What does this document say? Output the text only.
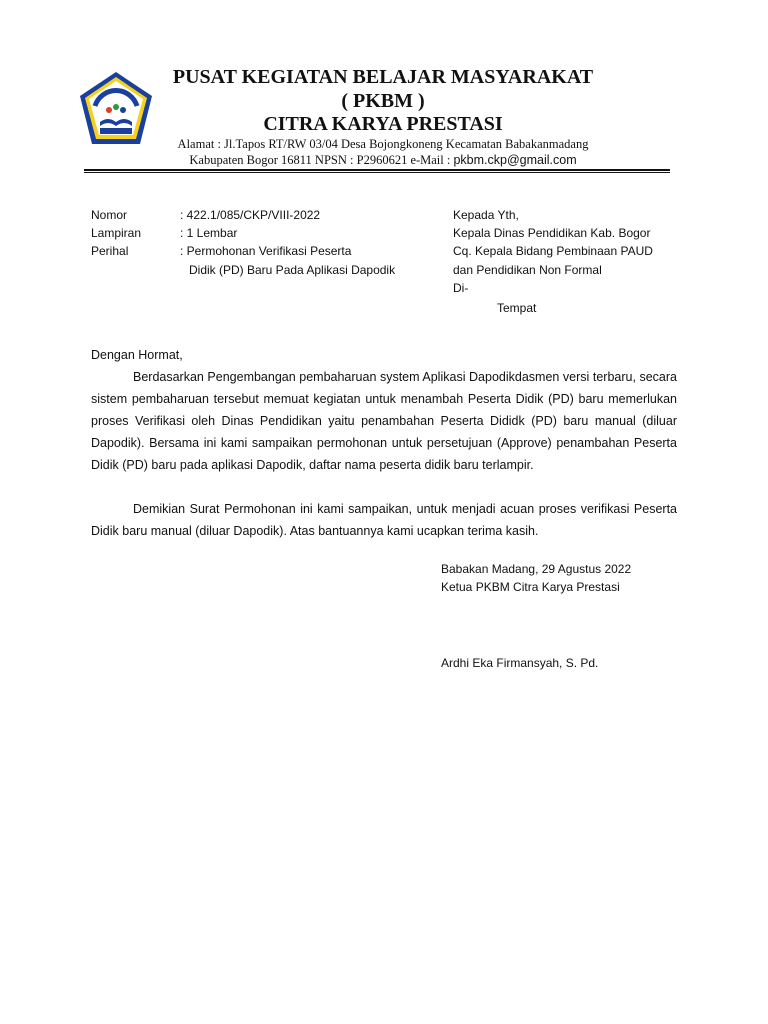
PUSAT KEGIATAN BELAJAR MASYARAKAT
( PKBM )
CITRA KARYA PRESTASI
Alamat : Jl.Tapos RT/RW 03/04 Desa Bojongkoneng Kecamatan Babakanmadang
Kabupaten Bogor 16811 NPSN : P2960621 e-Mail : pkbm.ckp@gmail.com
Nomor	: 422.1/085/CKP/VIII-2022
Lampiran	: 1 Lembar
Perihal	: Permohonan Verifikasi Peserta
Didik (PD) Baru Pada Aplikasi Dapodik
Kepada Yth,
Kepala Dinas Pendidikan Kab. Bogor
Cq. Kepala Bidang Pembinaan PAUD
dan Pendidikan Non Formal
Di-
Tempat
Dengan Hormat,
Berdasarkan Pengembangan pembaharuan system Aplikasi Dapodikdasmen versi terbaru, secara sistem pembaharuan tersebut memuat kegiatan untuk menambah Peserta Didik (PD) baru memerlukan proses Verifikasi oleh Dinas Pendidikan yaitu penambahan Peserta Dididk (PD) baru manual (diluar Dapodik). Bersama ini kami sampaikan permohonan untuk persetujuan (Approve) penambahan Peserta Didik (PD) baru pada aplikasi Dapodik, daftar nama peserta didik baru terlampir.
Demikian Surat Permohonan ini kami sampaikan, untuk menjadi acuan proses verifikasi Peserta Didik baru manual (diluar Dapodik). Atas bantuannya kami ucapkan terima kasih.
Babakan Madang, 29 Agustus 2022
Ketua PKBM Citra Karya Prestasi
Ardhi Eka Firmansyah, S. Pd.
